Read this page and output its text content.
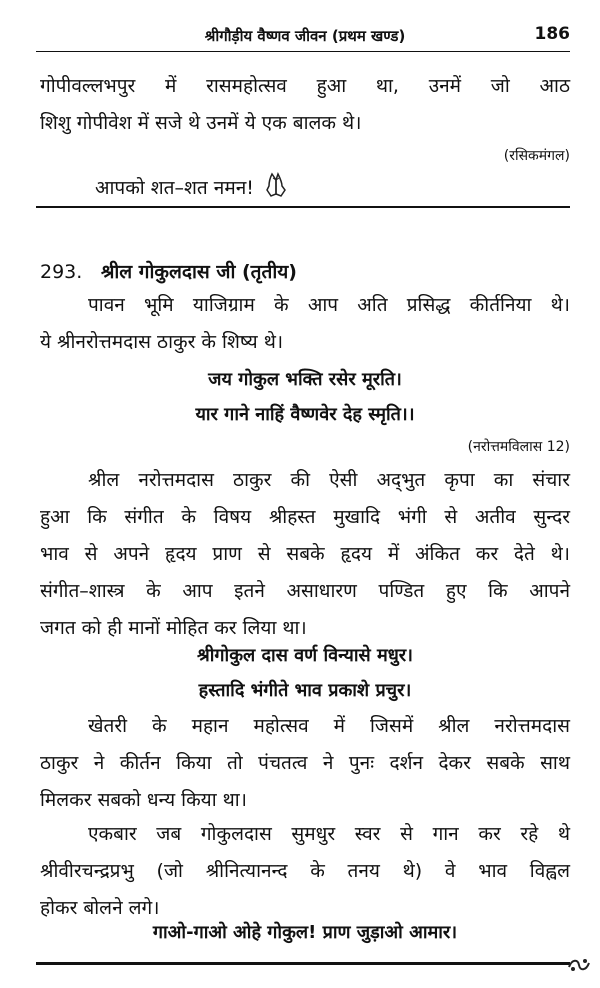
श्रीगौड़ीय वैष्णव जीवन (प्रथम खण्ड)	186
गोपीवल्लभपुर में रासमहोत्सव हुआ था, उनमें जो आठ
शिशु गोपीवेश में सजे थे उनमें ये एक बालक थे।
(रसिकमंगल)
आपको शत–शत नमन!
293. श्रील गोकुलदास जी (तृतीय)
पावन भूमि याजिग्राम के आप अति प्रसिद्ध कीर्तनिया थे।
ये श्रीनरोत्तमदास ठाकुर के शिष्य थे।
जय गोकुल भक्ति रसेर मूरति।
यार गाने नाहिं वैष्णवेर देह स्मृति।।
(नरोत्तमविलास 12)
श्रील नरोत्तमदास ठाकुर की ऐसी अद्‌भुत कृपा का संचार
हुआ कि संगीत के विषय श्रीहस्त मुखादि भंगी से अतीव सुन्दर
भाव से अपने हृदय प्राण से सबके हृदय में अंकित कर देते थे।
संगीत–शास्त्र के आप इतने असाधारण पण्डित हुए कि आपने
जगत को ही मानों मोहित कर लिया था।
श्रीगोकुल दास वर्ण विन्यासे मधुर।
हस्तादि भंगीते भाव प्रकाशे प्रचुर।
खेतरी के महान महोत्सव में जिसमें श्रील नरोत्तमदास
ठाकुर ने कीर्तन किया तो पंचतत्व ने पुनः दर्शन देकर सबके साथ
मिलकर सबको धन्य किया था।
एकबार जब गोकुलदास सुमधुर स्वर से गान कर रहे थे
श्रीवीरचन्द्रप्रभु (जो श्रीनित्यानन्द के तनय थे) वे भाव विह्वल
होकर बोलने लगे।
गाओ-गाओ ओहे गोकुल! प्राण जुड़ाओ आमार।
